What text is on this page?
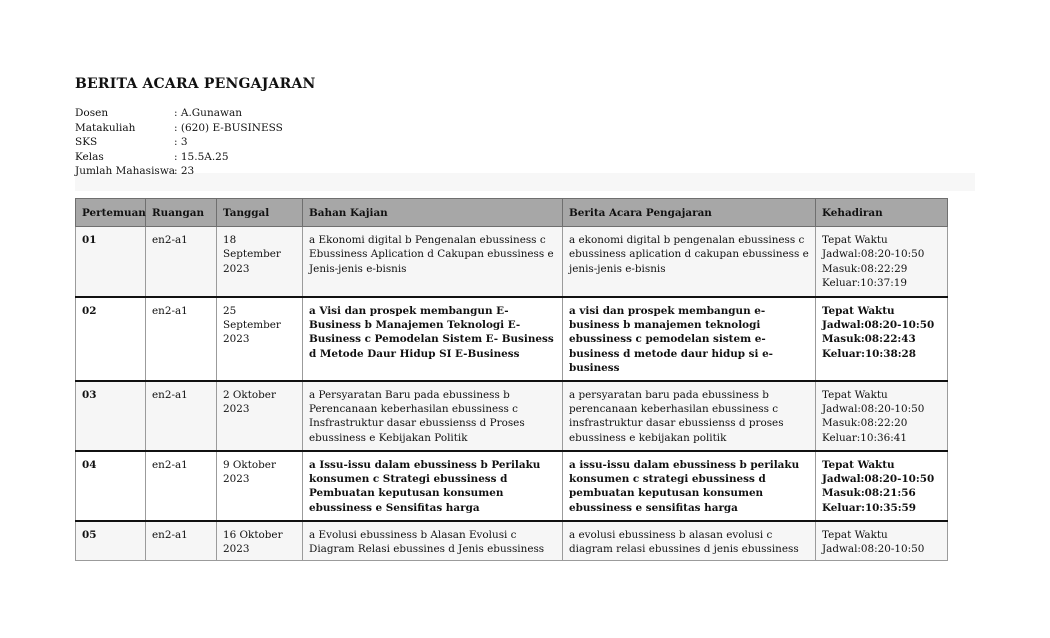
BERITA ACARA PENGAJARAN
Dosen	: A.Gunawan
Matakuliah	: (620) E-BUSINESS
SKS	: 3
Kelas	: 15.5A.25
Jumlah Mahasiswa
: 23
Pertemuan	Ruangan	Tanggal	Bahan Kajian	Berita Acara Pengajaran	Kehadiran
01	en2-a1	18 September 2023	a Ekonomi digital b Pengenalan ebussiness c Ebussiness Aplication d Cakupan ebussiness e Jenis-jenis e-bisnis	a ekonomi digital b pengenalan ebussiness c ebussiness aplication d cakupan ebussiness e jenis-jenis e-bisnis	Tepat Waktu
Jadwal:08:20-10:50
Masuk:08:22:29
Keluar:10:37:19

02	en2-a1	25 September 2023	a Visi dan prospek membangun E- Business b Manajemen Teknologi E-Business c Pemodelan Sistem E- Business d Metode Daur Hidup SI E-Business	a visi dan prospek membangun e- business b manajemen teknologi ebussiness c pemodelan sistem e- business d metode daur hidup si e-business	Tepat Waktu
Jadwal:08:20-10:50
Masuk:08:22:43
Keluar:10:38:28

03	en2-a1	2 Oktober 2023	a Persyaratan Baru pada ebussiness b Perencanaan keberhasilan ebussiness c Insfrastruktur dasar ebussienss d Proses ebussiness e Kebijakan Politik	a persyaratan baru pada ebussiness b perencanaan keberhasilan ebussiness c insfrastruktur dasar ebussienss d proses ebussiness e kebijakan politik	Tepat Waktu
Jadwal:08:20-10:50
Masuk:08:22:20
Keluar:10:36:41

04	en2-a1	9 Oktober 2023	a Issu-issu dalam ebussiness b Perilaku konsumen c Strategi ebussiness d Pembuatan keputusan konsumen ebussiness e Sensifitas harga	a issu-issu dalam ebussiness b perilaku konsumen c strategi ebussiness d pembuatan keputusan konsumen ebussiness e sensifitas harga	Tepat Waktu
Jadwal:08:20-10:50
Masuk:08:21:56
Keluar:10:35:59

05	en2-a1	16 Oktober 2023	a Evolusi ebussiness b Alasan Evolusi c Diagram Relasi ebussines d Jenis ebussiness	a evolusi ebussiness b alasan evolusi c diagram relasi ebussines d jenis ebussiness	Tepat Waktu
Jadwal:08:20-10:50
